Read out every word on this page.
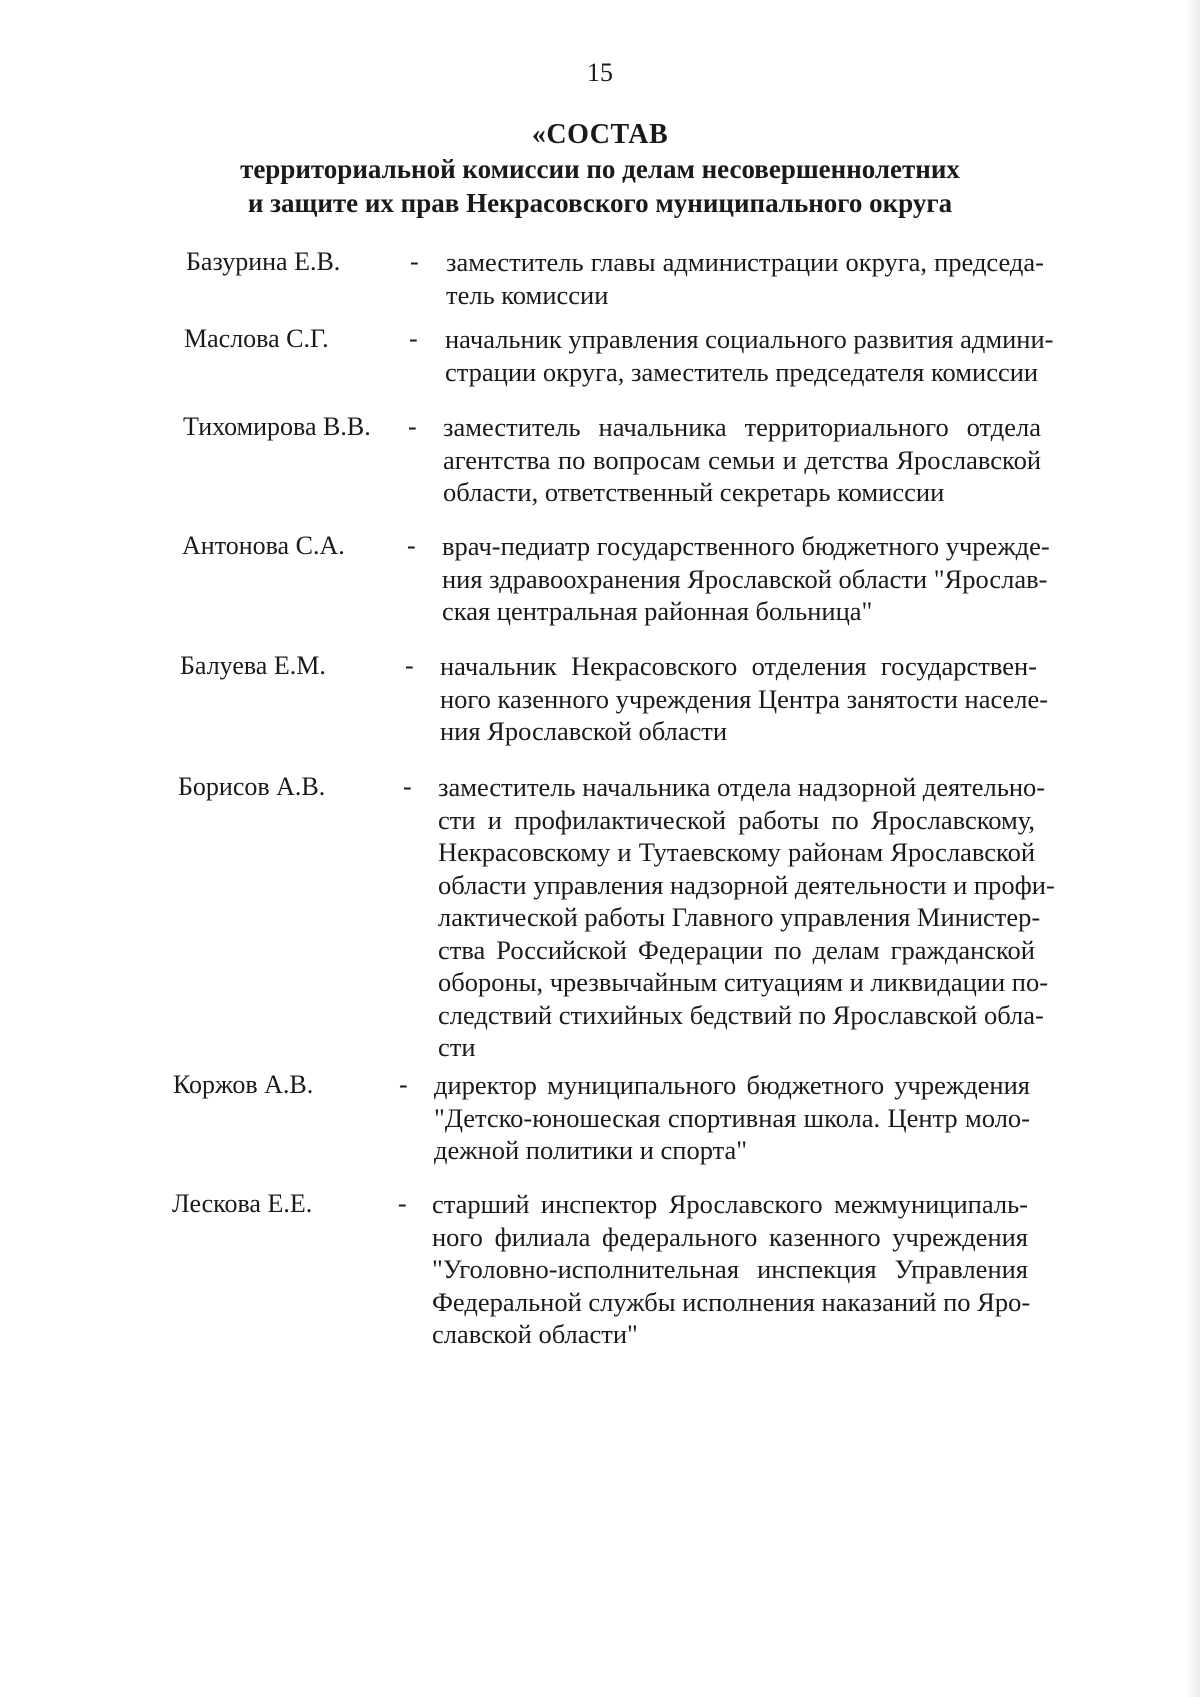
15
«СОСТАВ
территориальной комиссии по делам несовершеннолетних
и защите их прав Некрасовского муниципального округа
Базурина Е.В.	- заместитель главы администрации округа, председа-
тель комиссии
Маслова С.Г.	- начальник управления социального развития админи-
страции округа, заместитель председателя комиссии
Тихомирова В.В. - заместитель начальника территориального отдела
агентства по вопросам семьи и детства Ярославской
области, ответственный секретарь комиссии
Антонова С.А. - врач-педиатр государственного бюджетного учрежде-
ния здравоохранения Ярославской области "Ярослав-
ская центральная районная больница"
Балуева Е.М.	- начальник Некрасовского отделения государствен-
ного казенного учреждения Центра занятости населе-
ния Ярославской области
Борисов А.В.	- заместитель начальника отдела надзорной деятельно-
сти и профилактической работы по Ярославскому,
Некрасовскому и Тутаевскому районам Ярославской
области управления надзорной деятельности и профи-
лактической работы Главного управления Министер-
ства Российской Федерации по делам гражданской
обороны, чрезвычайным ситуациям и ликвидации по-
следствий стихийных бедствий по Ярославской обла-
сти
Коржов А.В.	- директор муниципального бюджетного учреждения
"Детско-юношеская спортивная школа. Центр моло-
дежной политики и спорта"
Лескова Е.Е.	- старший инспектор Ярославского межмуниципаль-
ного филиала федерального казенного учреждения
"Уголовно-исполнительная инспекция Управления
Федеральной службы исполнения наказаний по Яро-
славской области"
